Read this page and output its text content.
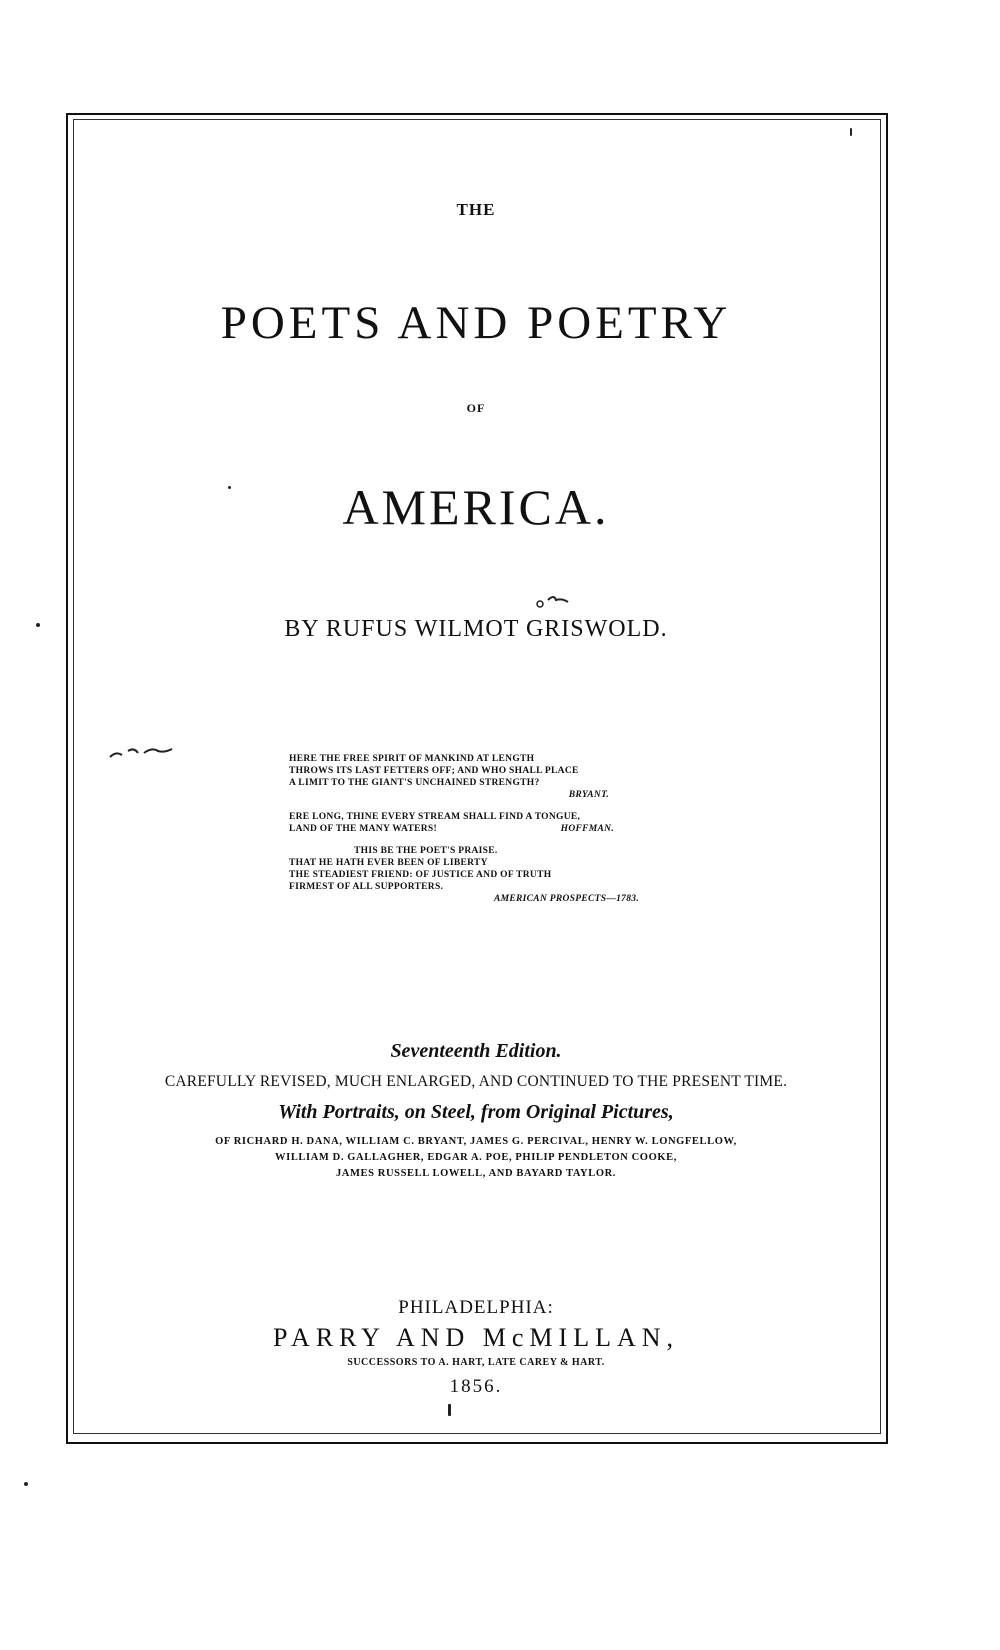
THE
POETS AND POETRY
OF
AMERICA.
BY RUFUS WILMOT GRISWOLD.

HERE THE FREE SPIRIT OF MANKIND AT LENGTH

THROWS ITS LAST FETTERS OFF; AND WHO SHALL PLACE

A LIMIT TO THE GIANT'S UNCHAINED STRENGTH?

BRYANT.

ERE LONG, THINE EVERY STREAM SHALL FIND A TONGUE,

LAND OF THE MANY WATERS!	HOFFMAN.

THIS BE THE POET'S PRAISE.

THAT HE HATH EVER BEEN OF LIBERTY

THE STEADIEST FRIEND: OF JUSTICE AND OF TRUTH

FIRMEST OF ALL SUPPORTERS.

AMERICAN PROSPECTS—1783.

Seventeenth Edition.
CAREFULLY REVISED, MUCH ENLARGED, AND CONTINUED TO THE PRESENT TIME.
With Portraits, on Steel, from Original Pictures,
OF RICHARD H. DANA, WILLIAM C. BRYANT, JAMES G. PERCIVAL, HENRY W. LONGFELLOW,
WILLIAM D. GALLAGHER, EDGAR A. POE, PHILIP PENDLETON COOKE,
JAMES RUSSELL LOWELL, AND BAYARD TAYLOR.
PHILADELPHIA:
PARRY AND McMILLAN,
SUCCESSORS TO A. HART, LATE CAREY & HART.
1856.
